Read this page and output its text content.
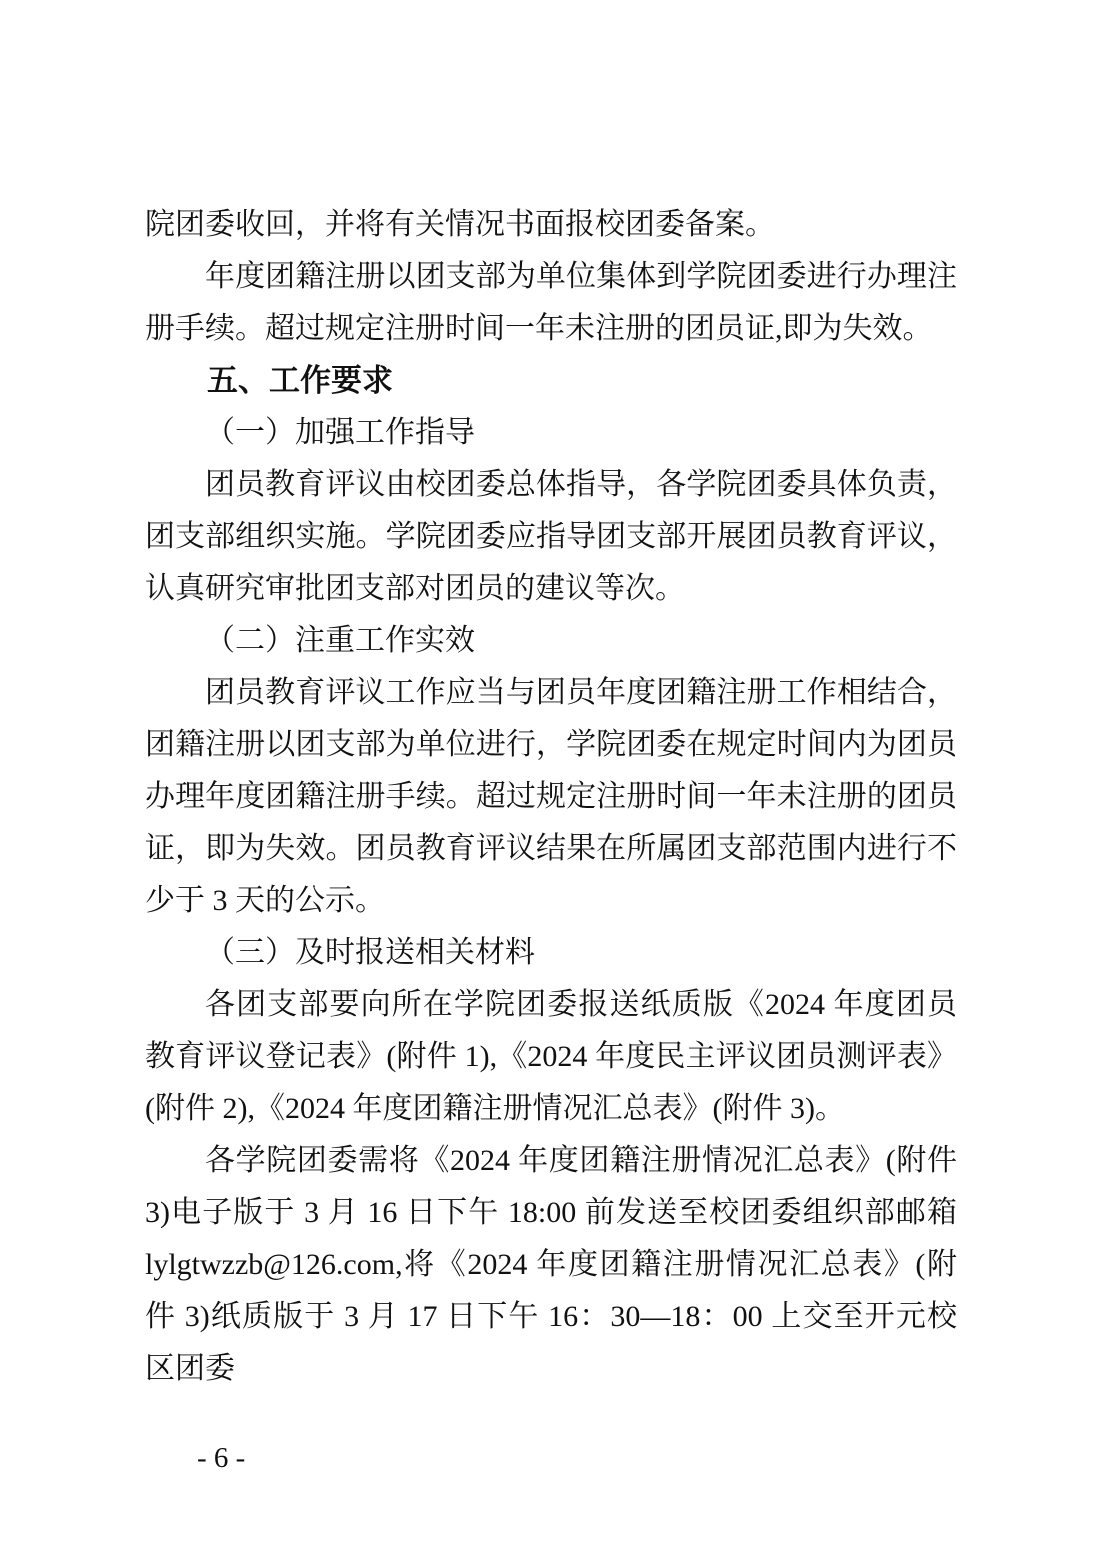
院团委收回，并将有关情况书面报校团委备案。

年度团籍注册以团支部为单位集体到学院团委进行办理注册手续。超过规定注册时间一年未注册的团员证,即为失效。

五、工作要求

（一）加强工作指导

团员教育评议由校团委总体指导，各学院团委具体负责，团支部组织实施。学院团委应指导团支部开展团员教育评议，认真研究审批团支部对团员的建议等次。

（二）注重工作实效

团员教育评议工作应当与团员年度团籍注册工作相结合，团籍注册以团支部为单位进行，学院团委在规定时间内为团员办理年度团籍注册手续。超过规定注册时间一年未注册的团员证，即为失效。团员教育评议结果在所属团支部范围内进行不少于 3 天的公示。

（三）及时报送相关材料

各团支部要向所在学院团委报送纸质版《2024 年度团员教育评议登记表》(附件 1),《2024 年度民主评议团员测评表》(附件 2),《2024 年度团籍注册情况汇总表》(附件 3)。

各学院团委需将《2024 年度团籍注册情况汇总表》(附件 3)电子版于 3 月 16 日下午 18:00 前发送至校团委组织部邮箱 lylgtwzzb@126.com,将《2024 年度团籍注册情况汇总表》(附件 3)纸质版于 3 月 17 日下午 16：30—18：00 上交至开元校区团委

- 6 -
